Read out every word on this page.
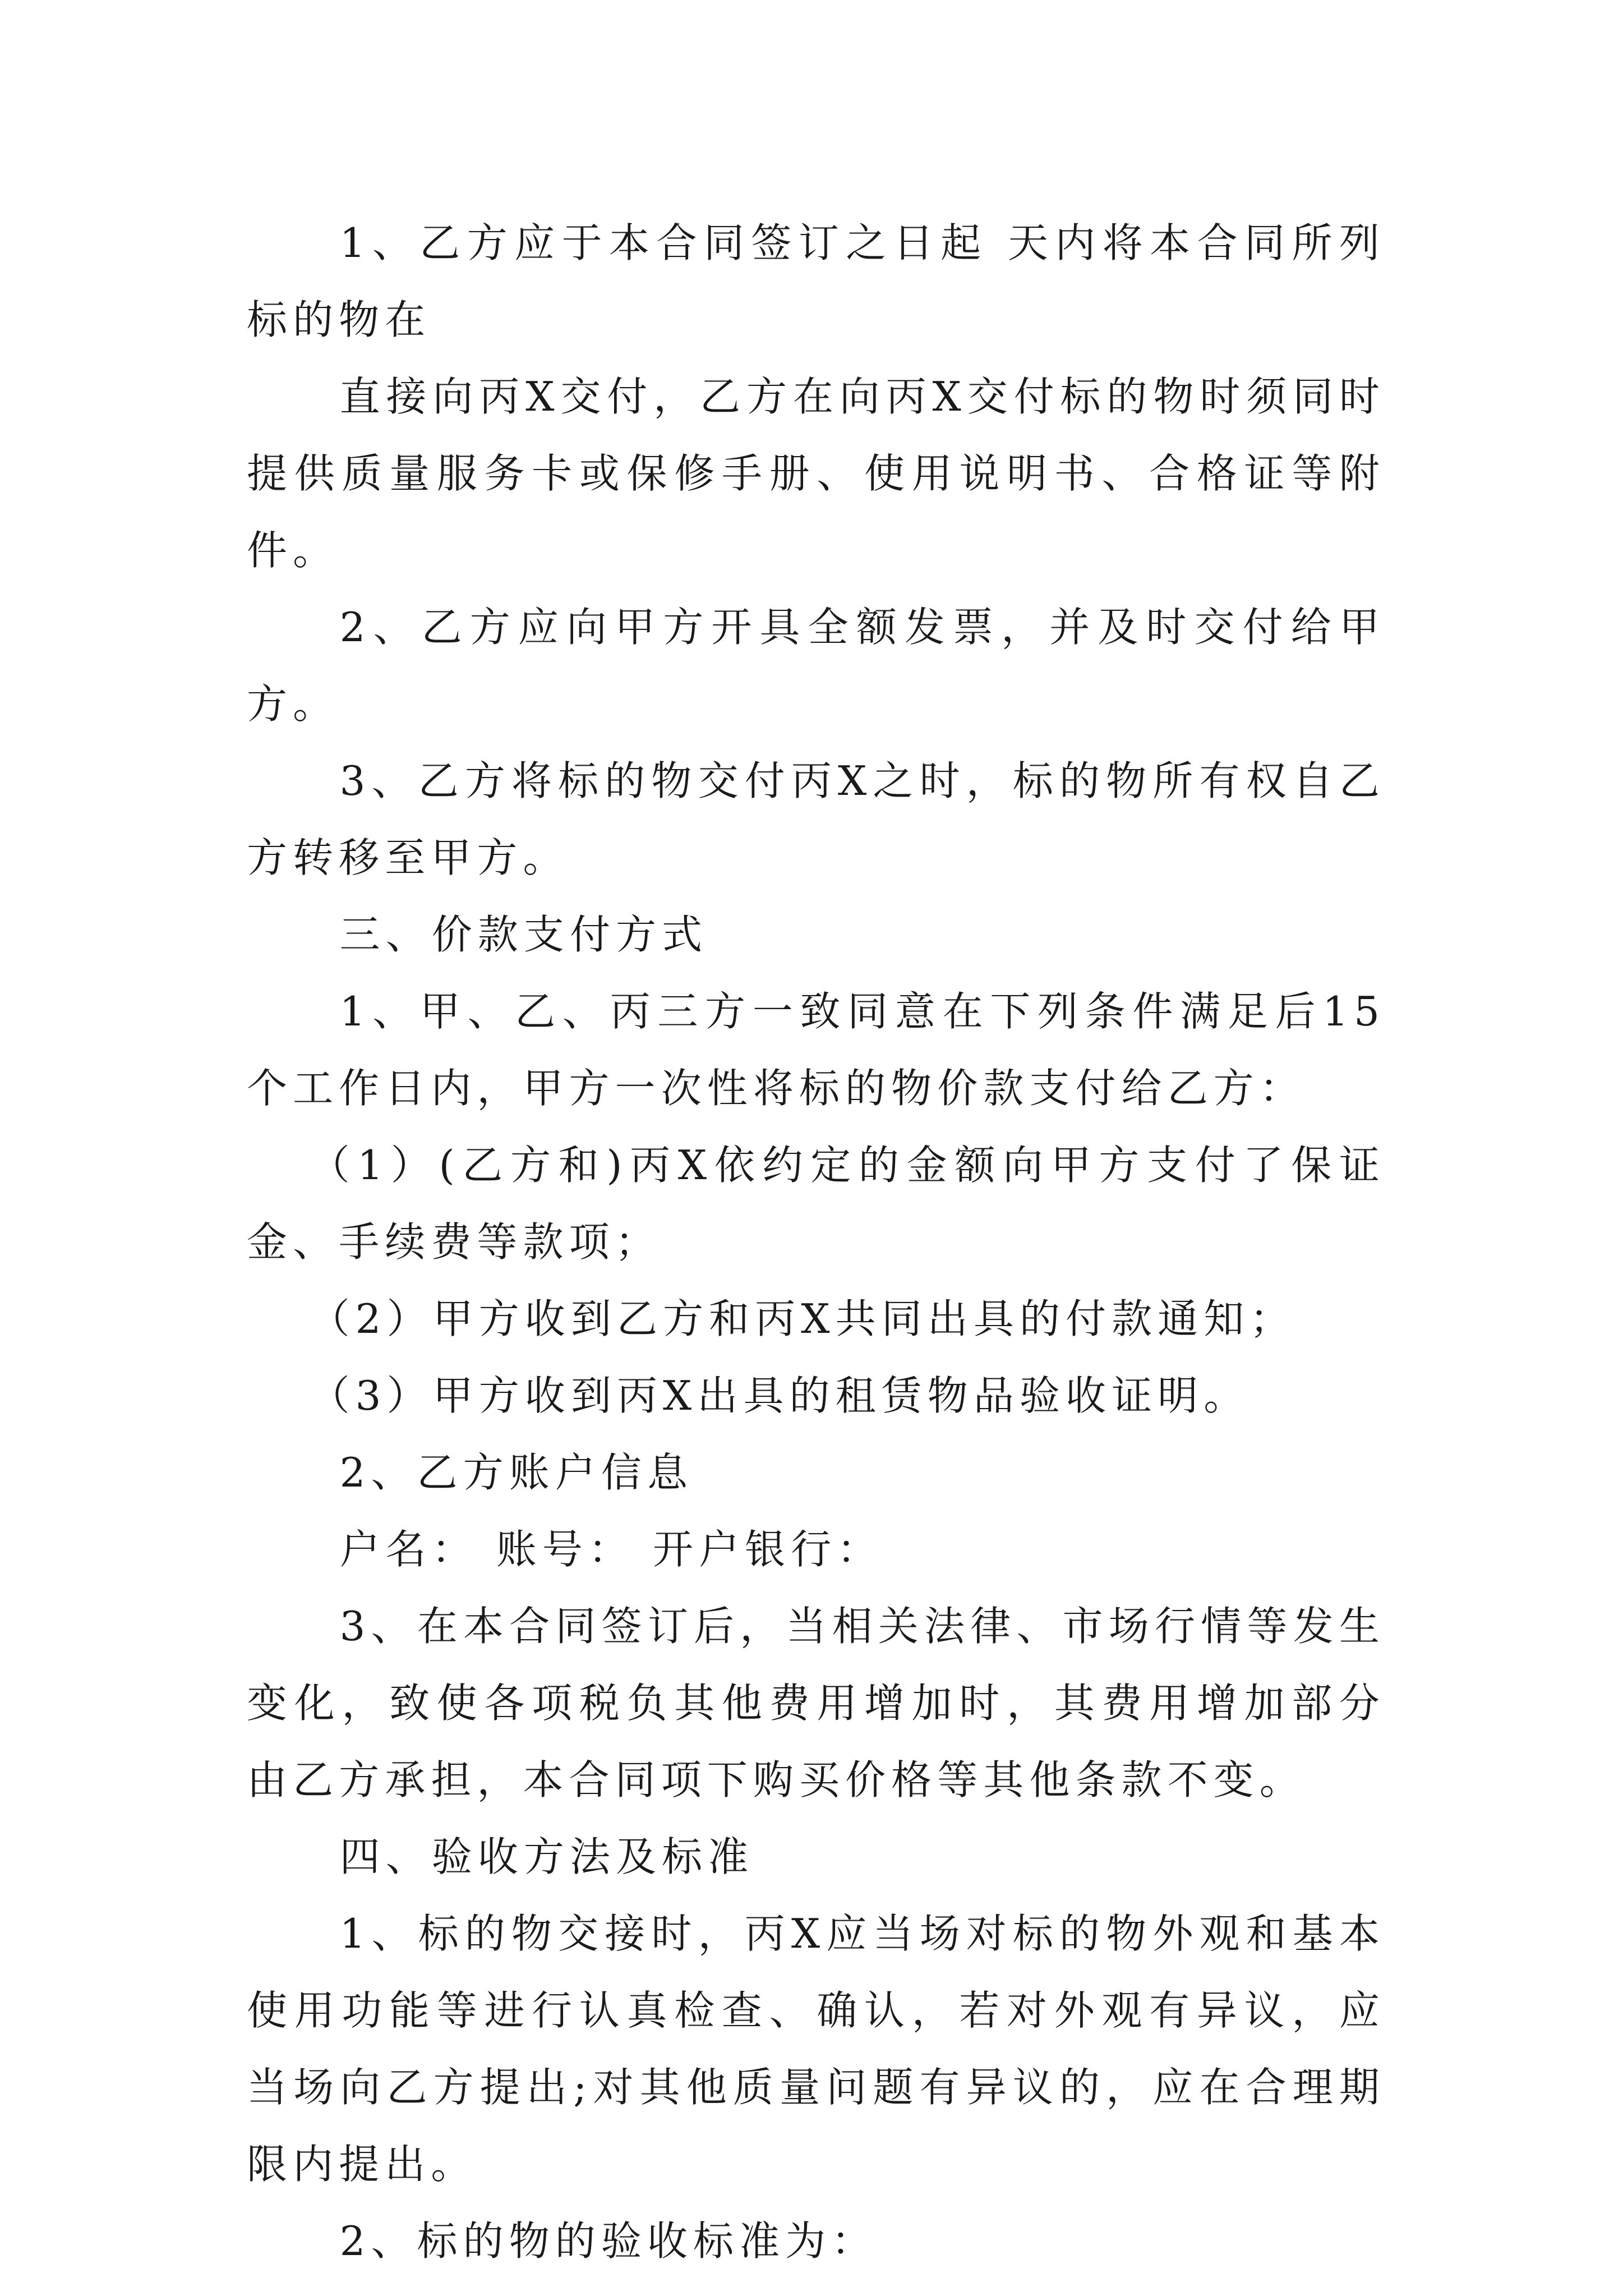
1、乙方应于本合同签订之日起 天内将本合同所列标的物在

直接向丙X交付，乙方在向丙X交付标的物时须同时提供质量服务卡或保修手册、使用说明书、合格证等附件。

2、乙方应向甲方开具全额发票，并及时交付给甲方。

3、乙方将标的物交付丙X之时，标的物所有权自乙方转移至甲方。

三、价款支付方式

1、甲、乙、丙三方一致同意在下列条件满足后15个工作日内，甲方一次性将标的物价款支付给乙方：

（1）(乙方和)丙X依约定的金额向甲方支付了保证金、手续费等款项；

（2）甲方收到乙方和丙X共同出具的付款通知；

（3）甲方收到丙X出具的租赁物品验收证明。

2、乙方账户信息

户名： 账号： 开户银行：

3、在本合同签订后，当相关法律、市场行情等发生变化，致使各项税负其他费用增加时，其费用增加部分由乙方承担，本合同项下购买价格等其他条款不变。

四、验收方法及标准

1、标的物交接时，丙X应当场对标的物外观和基本使用功能等进行认真检查、确认，若对外观有异议，应当场向乙方提出;对其他质量问题有异议的，应在合理期限内提出。

2、标的物的验收标准为：
